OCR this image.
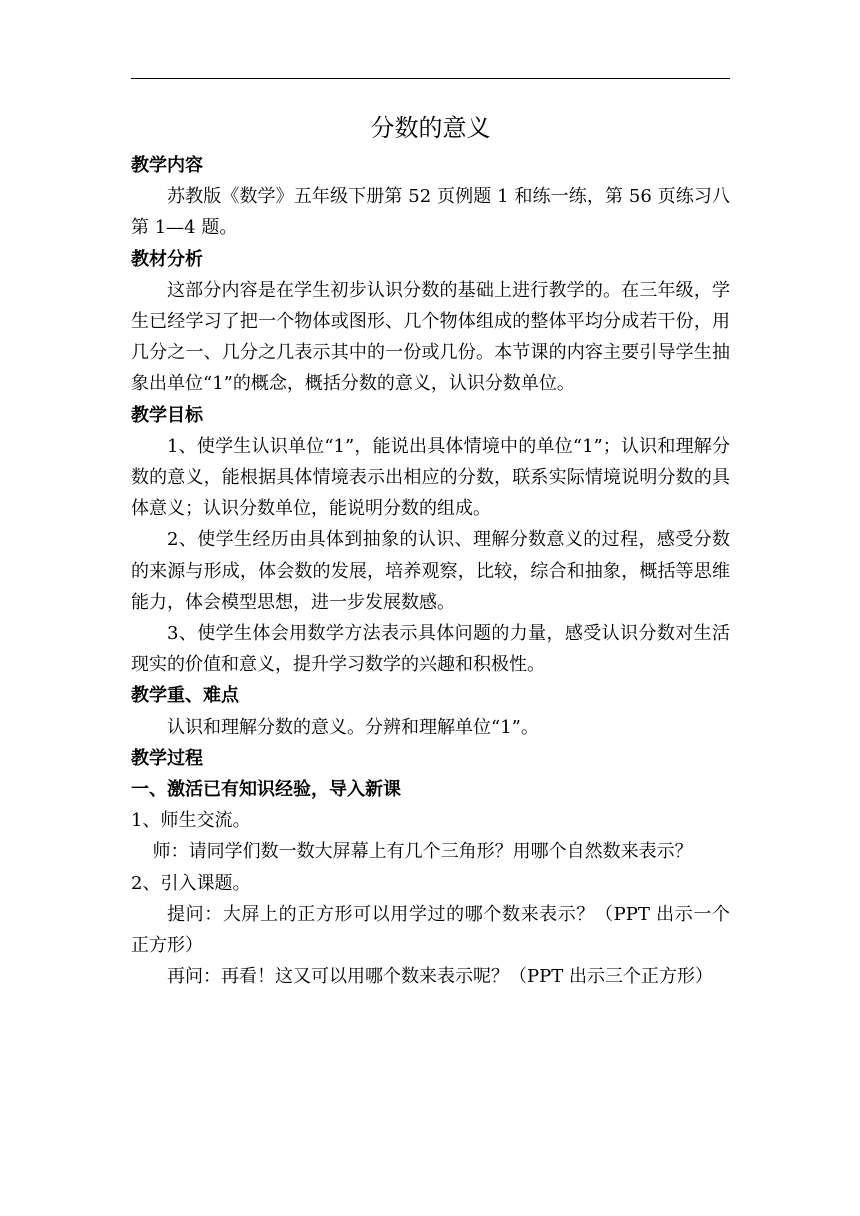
分数的意义
教学内容
苏教版《数学》五年级下册第 52 页例题 1 和练一练，第 56 页练习八第 1—4 题。
教材分析
这部分内容是在学生初步认识分数的基础上进行教学的。在三年级，学生已经学习了把一个物体或图形、几个物体组成的整体平均分成若干份，用几分之一、几分之几表示其中的一份或几份。本节课的内容主要引导学生抽象出单位“1”的概念，概括分数的意义，认识分数单位。
教学目标
1、使学生认识单位“1”，能说出具体情境中的单位“1”；认识和理解分数的意义，能根据具体情境表示出相应的分数，联系实际情境说明分数的具体意义；认识分数单位，能说明分数的组成。
2、使学生经历由具体到抽象的认识、理解分数意义的过程，感受分数的来源与形成，体会数的发展，培养观察，比较，综合和抽象，概括等思维能力，体会模型思想，进一步发展数感。
3、使学生体会用数学方法表示具体问题的力量，感受认识分数对生活现实的价值和意义，提升学习数学的兴趣和积极性。
教学重、难点
认识和理解分数的意义。分辨和理解单位“1”。
教学过程
一、激活已有知识经验，导入新课
1、师生交流。
师：请同学们数一数大屏幕上有几个三角形？用哪个自然数来表示？
2、引入课题。
提问：大屏上的正方形可以用学过的哪个数来表示？（PPT 出示一个正方形）
再问：再看！这又可以用哪个数来表示呢？（PPT 出示三个正方形）
